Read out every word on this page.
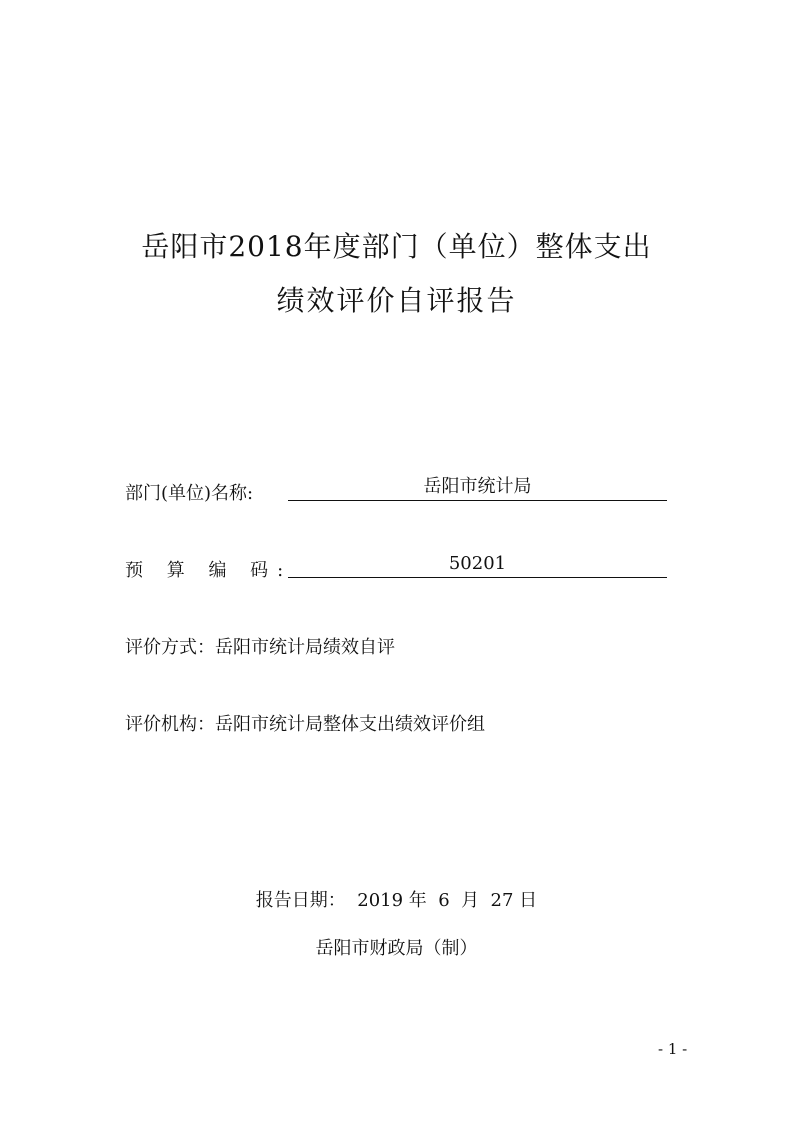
岳阳市2018年度部门（单位）整体支出
绩效评价自评报告
部门(单位)名称:	岳阳市统计局
预 算 编 码:	50201
评价方式：岳阳市统计局绩效自评
评价机构：岳阳市统计局整体支出绩效评价组
报告日期：  2019 年  6  月  27 日
岳阳市财政局（制）
- 1 -
